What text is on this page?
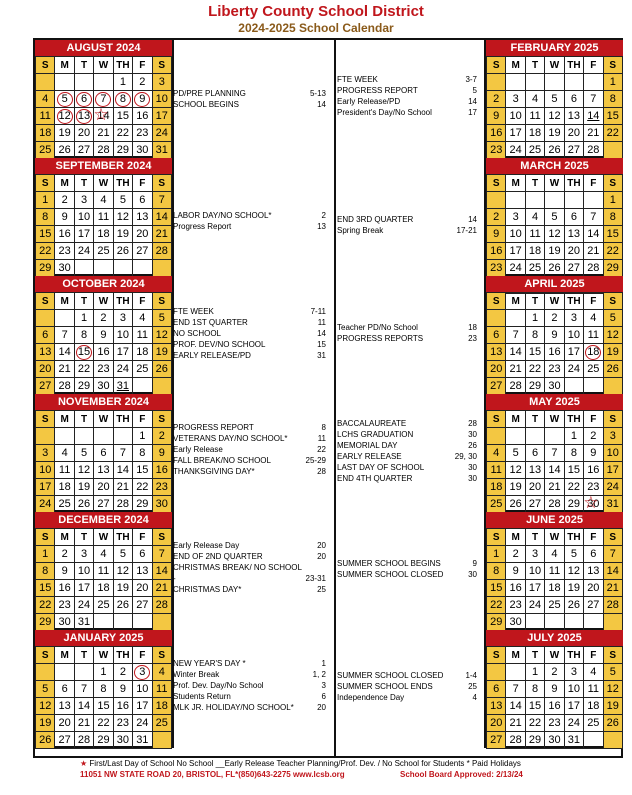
Liberty County School District
2024-2025 School Calendar
AUGUST 2024
S	M	T	W	TH	F	S
				1	2	3
4	5	6	7	8	9	10
11	12	13	14 ☆	15	16	17
18	19	20	21	22	23	24
25	26	27	28	29	30	31
FEBRUARY 2025
S	M	T	W	TH	F	S
						1
2	3	4	5	6	7	8
9	10	11	12	13	14	15
16	17	18	19	20	21	22
23	24	25	26	27	28	
PD/PRE PLANNING	5-13
SCHOOL BEGINS	14
FTE WEEK	3-7
PROGRESS REPORT	5
Early Release/PD	14
President's Day/No School	17
SEPTEMBER 2024
S	M	T	W	TH	F	S
1	2	3	4	5	6	7
8	9	10	11	12	13	14
15	16	17	18	19	20	21
22	23	24	25	26	27	28
29	30					
MARCH 2025
S	M	T	W	TH	F	S
						1
2	3	4	5	6	7	8
9	10	11	12	13	14	15
16	17	18	19	20	21	22
23	24	25	26	27	28	29

LABOR DAY/NO SCHOOL*	2
Progress Report	13
END 3RD QUARTER	14
Spring Break	17-21
OCTOBER 2024
S	M	T	W	TH	F	S
		1	2	3	4	5
6	7	8	9	10	11	12
13	14	15	16	17	18	19
20	21	22	23	24	25	26
27	28	29	30	31		
APRIL 2025
S	M	T	W	TH	F	S
		1	2	3	4	5
6	7	8	9	10	11	12
13	14	15	16	17	18	19
20	21	22	23	24	25	26
27	28	29	30			
FTE WEEK	7-11
END 1ST QUARTER	11
NO SCHOOL	14
PROF. DEV/NO SCHOOL	15
EARLY RELEASE/PD	31
Teacher PD/No School	18
PROGRESS REPORTS	23
NOVEMBER 2024
S	M	T	W	TH	F	S
					1	2
3	4	5	6	7	8	9
10	11	12	13	14	15	16
17	18	19	20	21	22	23
24	25	26	27	28	29	30
MAY 2025
S	M	T	W	TH	F	S
				1	2	3
4	5	6	7	8	9	10
11	12	13	14	15	16	17
18	19	20	21	22	23	24
25	26	27	28	29	30 ☆	31
PROGRESS REPORT	8
VETERANS DAY/NO SCHOOL*	11
Early Release	22
FALL BREAK/NO SCHOOL	25-29
THANKSGIVING DAY*	28
BACCALAUREATE	28
LCHS GRADUATION	30
MEMORIAL DAY	26
EARLY RELEASE	29, 30
LAST DAY OF SCHOOL	30
END 4TH QUARTER	30
DECEMBER 2024
S	M	T	W	TH	F	S
1	2	3	4	5	6	7
8	9	10	11	12	13	14
15	16	17	18	19	20	21
22	23	24	25	26	27	28
29	30	31				
JUNE 2025
S	M	T	W	TH	F	S
1	2	3	4	5	6	7
8	9	10	11	12	13	14
15	16	17	18	19	20	21
22	23	24	25	26	27	28
29	30					
Early Release Day	20
END OF 2ND QUARTER	20
CHRISTMAS BREAK/ NO SCHOOL
-	23-31
CHRISTMAS DAY*	25
SUMMER SCHOOL BEGINS	9
SUMMER SCHOOL CLOSED	30
JANUARY 2025
S	M	T	W	TH	F	S
			1	2	3	4
5	6	7	8	9	10	11
12	13	14	15	16	17	18
19	20	21	22	23	24	25
26	27	28	29	30	31	
JULY 2025
S	M	T	W	TH	F	S
		1	2	3	4	5
6	7	8	9	10	11	12
13	14	15	16	17	18	19
20	21	22	23	24	25	26
27	28	29	30	31		
NEW YEAR'S DAY *	1
Winter Break	1, 2
Prof. Dev. Day/No School	3
Students Return	6
MLK JR. HOLIDAY/NO SCHOOL*	20
SUMMER SCHOOL CLOSED	1-4
SUMMER SCHOOL ENDS	25
Independence Day	4
★ First/Last Day of School No School __Early Release Teacher Planning/Prof. Dev. / No School for Students * Paid Holidays
11051 NW STATE ROAD 20, BRISTOL, FL*(850)643-2275 www.lcsb.org	School Board Approved: 2/13/24
